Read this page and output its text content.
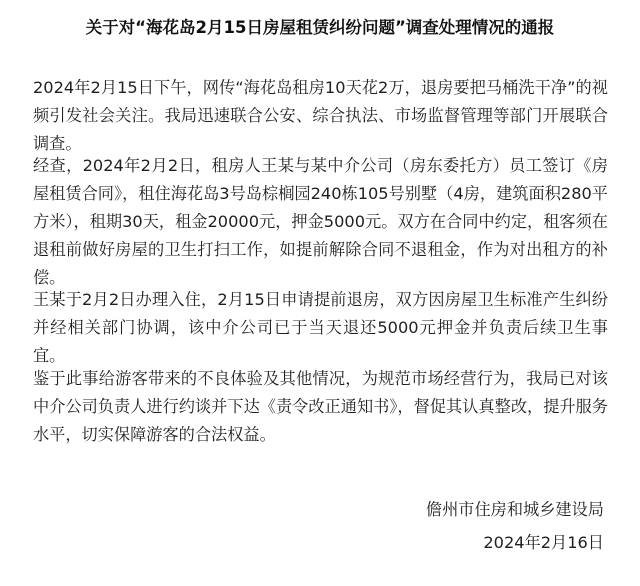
关于对“海花岛2月15日房屋租赁纠纷问题”调查处理情况的通报

2024年2月15日下午，网传“海花岛租房10天花2万，退房要把马桶洗干净”的视频引发社会关注。我局迅速联合公安、综合执法、市场监督管理等部门开展联合调查。

经查，2024年2月2日，租房人王某与某中介公司（房东委托方）员工签订《房屋租赁合同》，租住海花岛3号岛棕榈园240栋105号别墅（4房，建筑面积280平方米），租期30天，租金20000元，押金5000元。双方在合同中约定，租客须在退租前做好房屋的卫生打扫工作，如提前解除合同不退租金，作为对出租方的补偿。

王某于2月2日办理入住，2月15日申请提前退房，双方因房屋卫生标准产生纠纷并经相关部门协调，该中介公司已于当天退还5000元押金并负责后续卫生事宜。

鉴于此事给游客带来的不良体验及其他情况，为规范市场经营行为，我局已对该中介公司负责人进行约谈并下达《责令改正通知书》，督促其认真整改，提升服务水平，切实保障游客的合法权益。

儋州市住房和城乡建设局

2024年2月16日
